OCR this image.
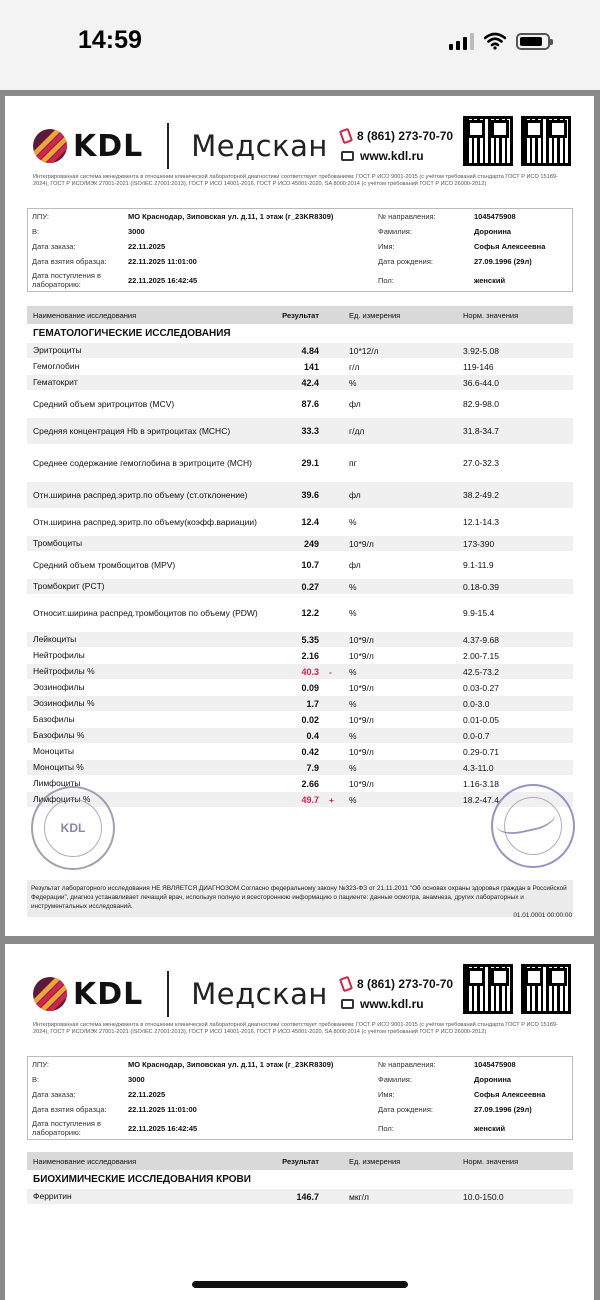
14:59
KDL Медскан 8 (861) 273-70-70
www.kdl.ru
Интегрированная система менеджмента в отношении клинической лабораторной диагностики соответствует требованиям: ГОСТ Р ИСО 9001-2015 (с учётом требований стандарта ГОСТ Р ИСО 15189-2024), ГОСТ Р ИСО/МЭК 27001-2021 (ISO/IEC 27001:2013), ГОСТ Р ИСО 14001-2016, ГОСТ Р ИСО 45001-2020, SA 8000:2014 (с учётом требований ГОСТ Р ИСО 26000-2012)
ЛПУ:	МО Краснодар, Зиповская ул. д.11, 1 этаж (г_23KR8309)	№ направления:	1045475908
В:	3000	Фамилия:	Доронина
Дата заказа:	22.11.2025	Имя:	Софья Алексеевна
Дата взятия образца:	22.11.2025 11:01:00	Дата рождения:	27.09.1996 (29л)
Дата поступления в лабораторию:	22.11.2025 16:42:45	Пол:	женский
Наименование исследования	Результат	Ед. измерения	Норм. значения
ГЕМАТОЛОГИЧЕСКИЕ ИССЛЕДОВАНИЯ
Эритроциты	4.84	10*12/л	3.92-5.08
Гемоглобин	141	г/л	119-146
Гематокрит	42.4	%	36.6-44.0
Средний объем эритроцитов (MCV)	87.6	фл	82.9-98.0
Средняя концентрация Hb в эритроцитах (MCHC)	33.3	г/дл	31.8-34.7
Среднее содержание гемоглобина в эритроците (MCH)	29.1	пг	27.0-32.3
Отн.ширина распред.эритр.по объему (ст.отклонение)	39.6	фл	38.2-49.2
Отн.ширина распред.эритр.по объему(коэфф.вариации)	12.4	%	12.1-14.3
Тромбоциты	249	10*9/л	173-390
Средний объем тромбоцитов (MPV)	10.7	фл	9.1-11.9
Тромбокрит (PCT)	0.27	%	0.18-0.39
Относит.ширина распред.тромбоцитов по объему (PDW)	12.2	%	9.9-15.4
Лейкоциты	5.35	10*9/л	4.37-9.68
Нейтрофилы	2.16	10*9/л	2.00-7.15
Нейтрофилы %	40.3	-	%	42.5-73.2
Эозинофилы	0.09	10*9/л	0.03-0.27
Эозинофилы %	1.7	%	0.0-3.0
Базофилы	0.02	10*9/л	0.01-0.05
Базофилы %	0.4	%	0.0-0.7
Моноциты	0.42	10*9/л	0.29-0.71
Моноциты %	7.9	%	4.3-11.0
Лимфоциты	2.66	10*9/л	1.16-3.18
Лимфоциты %	49.7	+	%	18.2-47.4
KDL
Результат лабораторного исследования НЕ ЯВЛЯЕТСЯ ДИАГНОЗОМ.Согласно федеральному закону №323-ФЗ от 21.11.2011 "Об основах охраны здоровья граждан в Российской Федерации", диагноз устанавливает лечащий врач, используя полную и всестороннюю информацию о пациенте: данные осмотра, анамнеза, других лабораторных и инструментальных исследований.
01.01.0001 00:00:00
KDL Медскан 8 (861) 273-70-70
www.kdl.ru
Интегрированная система менеджмента в отношении клинической лабораторной диагностики соответствует требованиям: ГОСТ Р ИСО 9001-2015 (с учётом требований стандарта ГОСТ Р ИСО 15189-2024), ГОСТ Р ИСО/МЭК 27001-2021 (ISO/IEC 27001:2013), ГОСТ Р ИСО 14001-2016, ГОСТ Р ИСО 45001-2020, SA 8000:2014 (с учётом требований ГОСТ Р ИСО 26000-2012)
ЛПУ:	МО Краснодар, Зиповская ул. д.11, 1 этаж (г_23KR8309)	№ направления:	1045475908
В:	3000	Фамилия:	Доронина
Дата заказа:	22.11.2025	Имя:	Софья Алексеевна
Дата взятия образца:	22.11.2025 11:01:00	Дата рождения:	27.09.1996 (29л)
Дата поступления в лабораторию:	22.11.2025 16:42:45	Пол:	женский
Наименование исследования	Результат	Ед. измерения	Норм. значения
БИОХИМИЧЕСКИЕ ИССЛЕДОВАНИЯ КРОВИ
Ферритин	146.7	мкг/л	10.0-150.0
